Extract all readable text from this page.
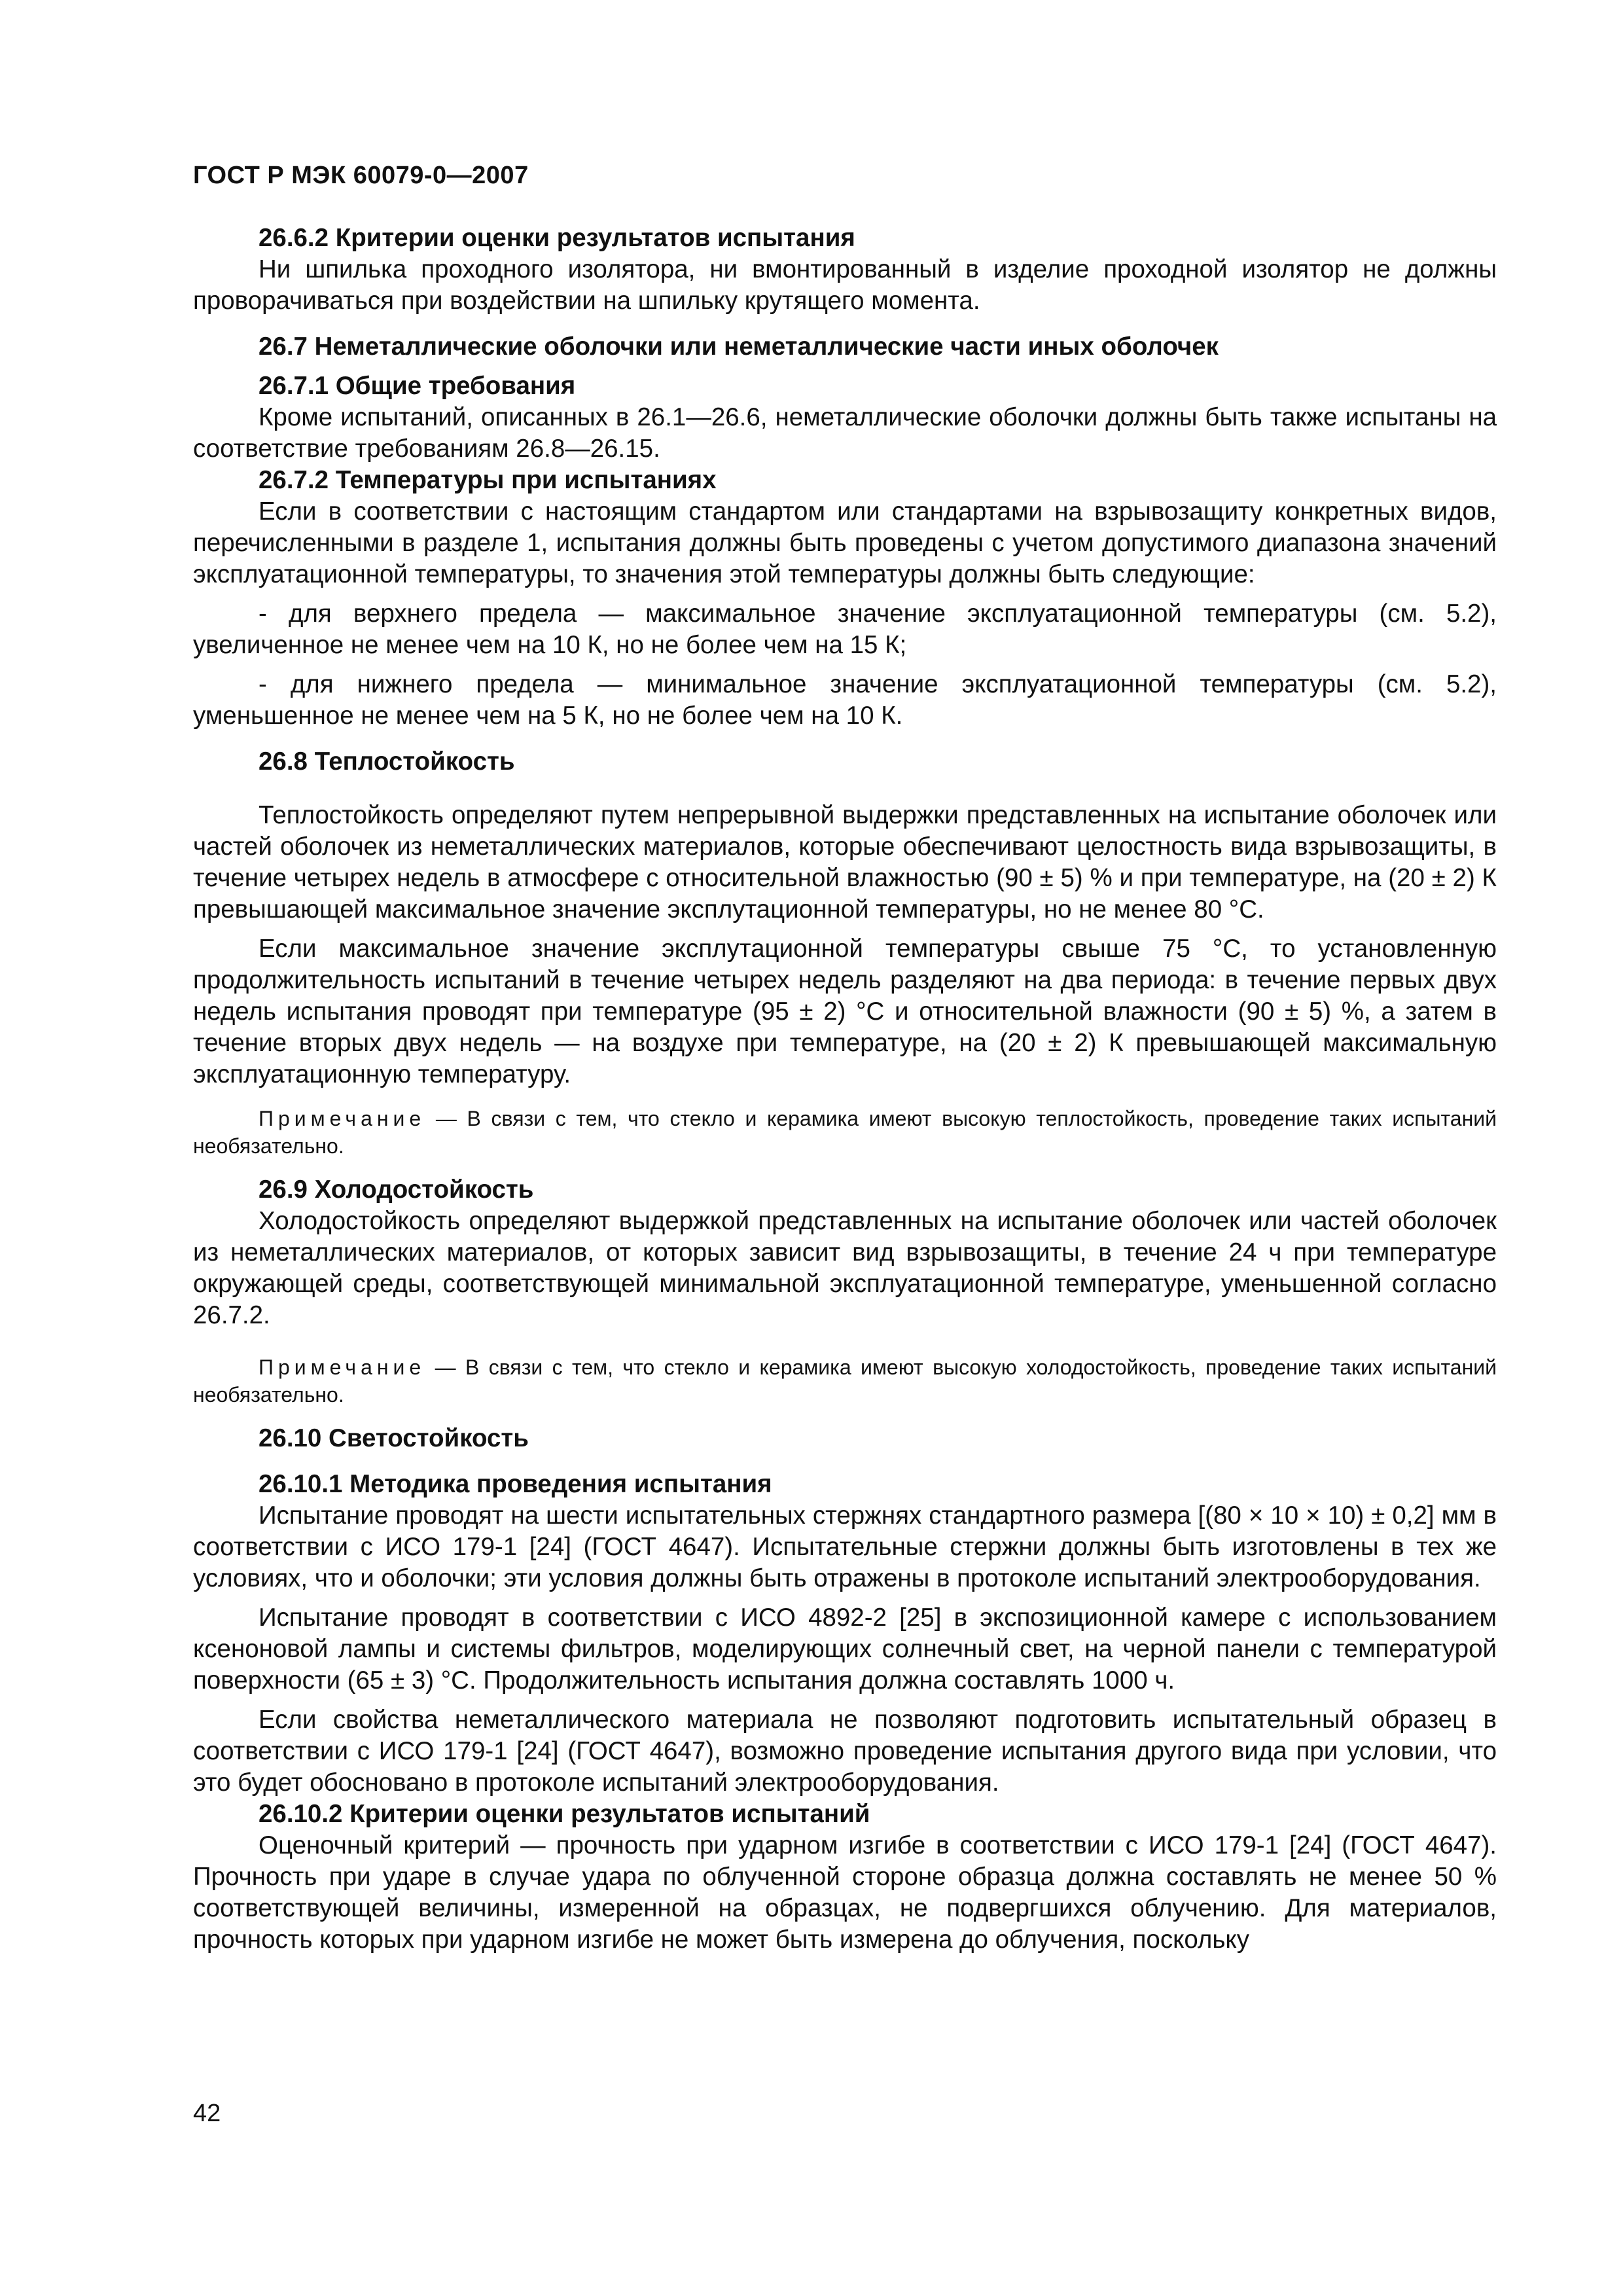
ГОСТ Р МЭК 60079-0—2007
26.6.2 Критерии оценки результатов испытания

Ни шпилька проходного изолятора, ни вмонтированный в изделие проходной изолятор не должны проворачиваться при воздействии на шпильку крутящего момента.

26.7 Неметаллические оболочки или неметаллические части иных оболочек
26.7.1 Общие требования

Кроме испытаний, описанных в 26.1—26.6, неметаллические оболочки должны быть также испытаны на соответствие требованиям 26.8—26.15.

26.7.2 Температуры при испытаниях

Если в соответствии с настоящим стандартом или стандартами на взрывозащиту конкретных видов, перечисленными в разделе 1, испытания должны быть проведены с учетом допустимого диапазона значений эксплуатационной температуры, то значения этой температуры должны быть следующие:

- для верхнего предела — максимальное значение эксплуатационной температуры (см. 5.2), увеличенное не менее чем на 10 К, но не более чем на 15 К;

- для нижнего предела — минимальное значение эксплуатационной температуры (см. 5.2), уменьшенное не менее чем на 5 К, но не более чем на 10 К.

26.8 Теплостойкость

Теплостойкость определяют путем непрерывной выдержки представленных на испытание оболочек или частей оболочек из неметаллических материалов, которые обеспечивают целостность вида взрывозащиты, в течение четырех недель в атмосфере с относительной влажностью (90 ± 5) % и при температуре, на (20 ± 2) К превышающей максимальное значение эксплутационной температуры, но не менее 80 °С.

Если максимальное значение эксплутационной температуры свыше 75 °С, то установленную продолжительность испытаний в течение четырех недель разделяют на два периода: в течение первых двух недель испытания проводят при температуре (95 ± 2) °С и относительной влажности (90 ± 5) %, а затем в течение вторых двух недель — на воздухе при температуре, на (20 ± 2) К превышающей максимальную эксплуатационную температуру.

Примечание — В связи с тем, что стекло и керамика имеют высокую теплостойкость, проведение таких испытаний необязательно.

26.9 Холодостойкость

Холодостойкость определяют выдержкой представленных на испытание оболочек или частей оболочек из неметаллических материалов, от которых зависит вид взрывозащиты, в течение 24 ч при температуре окружающей среды, соответствующей минимальной эксплуатационной температуре, уменьшенной согласно 26.7.2.

Примечание — В связи с тем, что стекло и керамика имеют высокую холодостойкость, проведение таких испытаний необязательно.

26.10 Светостойкость
26.10.1 Методика проведения испытания

Испытание проводят на шести испытательных стержнях стандартного размера [(80 × 10 × 10) ± 0,2] мм в соответствии с ИСО 179-1 [24] (ГОСТ 4647). Испытательные стержни должны быть изготовлены в тех же условиях, что и оболочки; эти условия должны быть отражены в протоколе испытаний электрооборудования.

Испытание проводят в соответствии с ИСО 4892-2 [25] в экспозиционной камере с использованием ксеноновой лампы и системы фильтров, моделирующих солнечный свет, на черной панели с температурой поверхности (65 ± 3) °С. Продолжительность испытания должна составлять 1000 ч.

Если свойства неметаллического материала не позволяют подготовить испытательный образец в соответствии с ИСО 179-1 [24] (ГОСТ 4647), возможно проведение испытания другого вида при условии, что это будет обосновано в протоколе испытаний электрооборудования.

26.10.2 Критерии оценки результатов испытаний

Оценочный критерий — прочность при ударном изгибе в соответствии с ИСО 179-1 [24] (ГОСТ 4647). Прочность при ударе в случае удара по облученной стороне образца должна составлять не менее 50 % соответствующей величины, измеренной на образцах, не подвергшихся облучению. Для материалов, прочность которых при ударном изгибе не может быть измерена до облучения, поскольку

42
